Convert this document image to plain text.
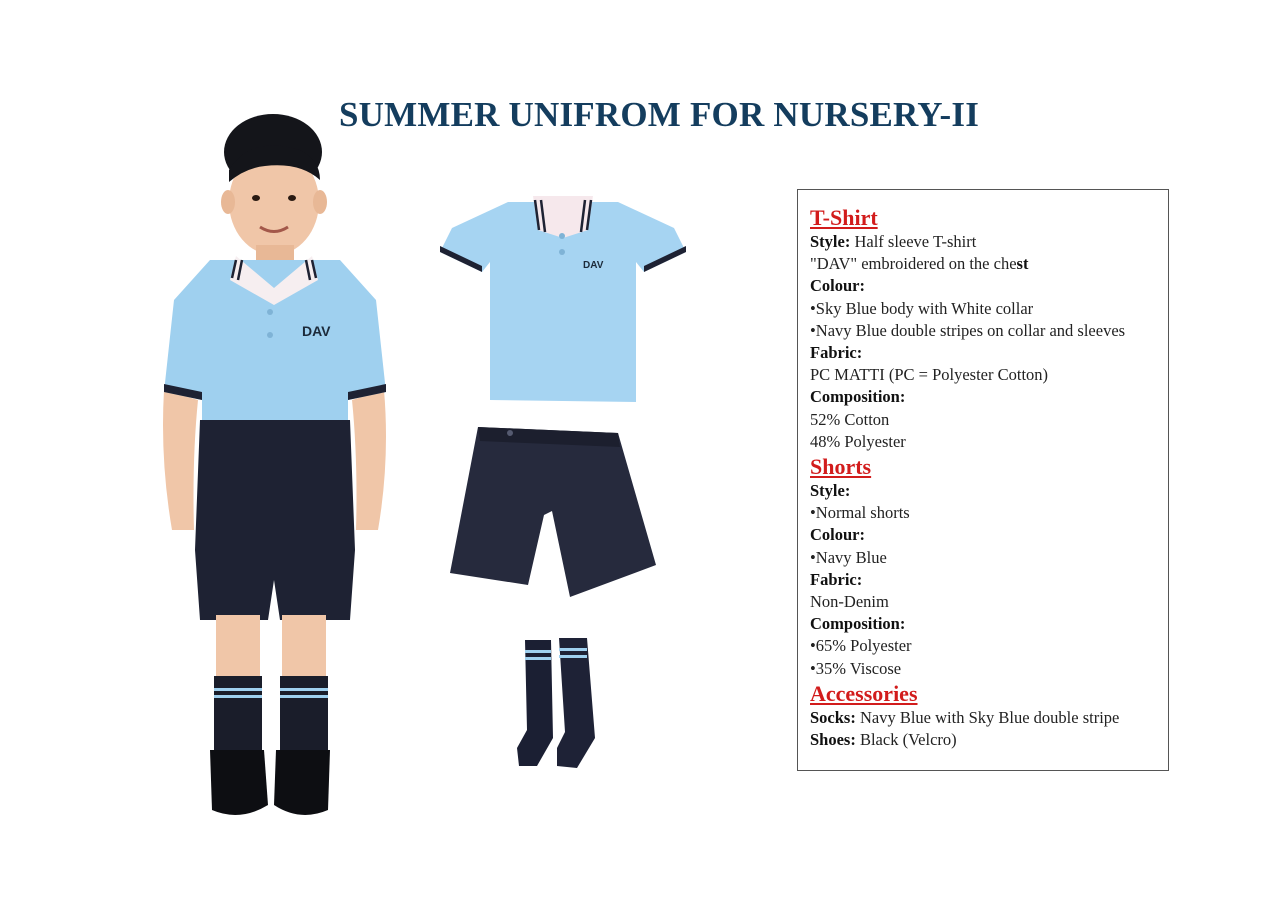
SUMMER UNIFROM FOR NURSERY-II
DAV
DAV
T-Shirt
Style: Half sleeve T-shirt
"DAV" embroidered on the chest
Colour:
•Sky Blue body with White collar
•Navy Blue double stripes on collar and sleeves
Fabric:
PC MATTI (PC = Polyester Cotton)
Composition:
52% Cotton
48% Polyester
Shorts
Style:
•Normal shorts
Colour:
•Navy Blue
Fabric:
Non-Denim
Composition:
•65% Polyester
•35% Viscose
Accessories
Socks: Navy Blue with Sky Blue double stripe
Shoes: Black (Velcro)
